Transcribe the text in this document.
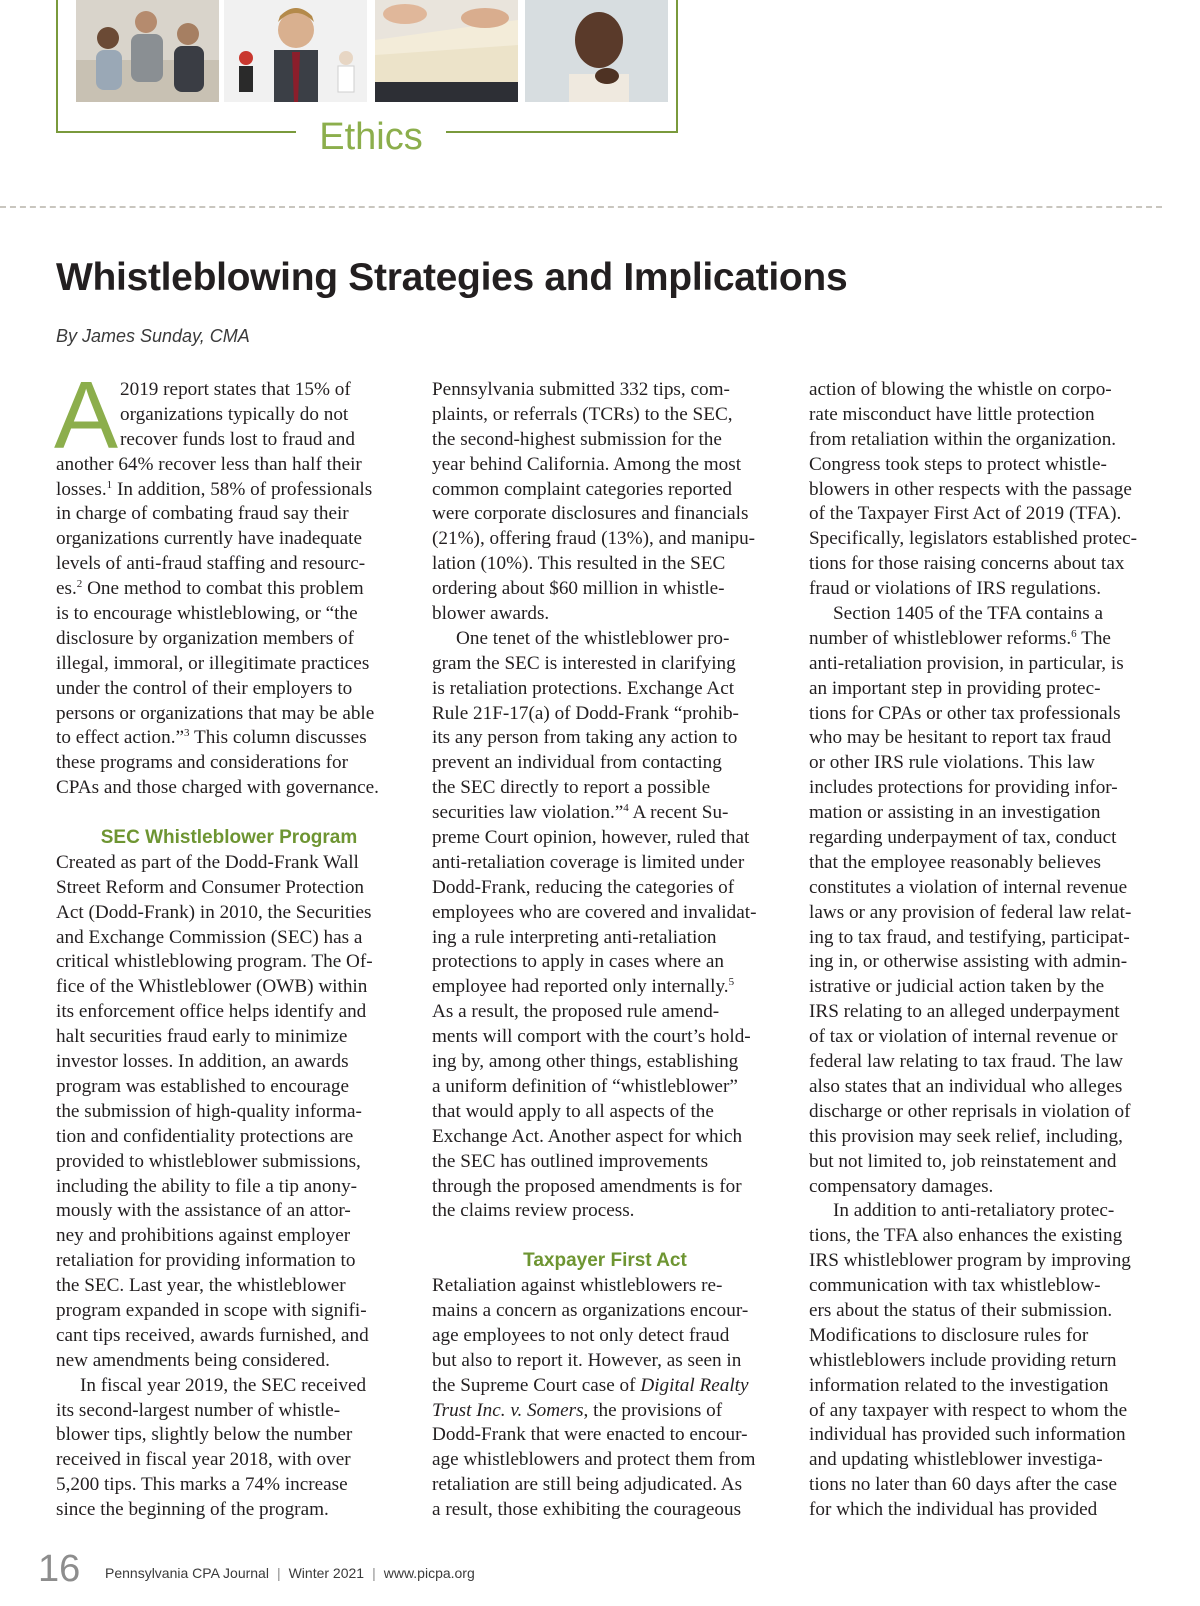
Ethics
Whistleblowing Strategies and Implications
By James Sunday, CMA
A 2019 report states that 15% of
organizations typically do not
recover funds lost to fraud and
another 64% recover less than half their
losses.$^1$ In addition, 58% of professionals
in charge of combating fraud say their
organizations currently have inadequate
levels of anti-fraud staffing and resourc-
es.$^2$ One method to combat this problem
is to encourage whistleblowing, or “the
disclosure by organization members of
illegal, immoral, or illegitimate practices
under the control of their employers to
persons or organizations that may be able
to effect action.”$^3$ This column discusses
these programs and considerations for
CPAs and those charged with governance.
SEC Whistleblower Program
Created as part of the Dodd-Frank Wall
Street Reform and Consumer Protection
Act (Dodd-Frank) in 2010, the Securities
and Exchange Commission (SEC) has a
critical whistleblowing program. The Of-
fice of the Whistleblower (OWB) within
its enforcement office helps identify and
halt securities fraud early to minimize
investor losses. In addition, an awards
program was established to encourage
the submission of high-quality informa-
tion and confidentiality protections are
provided to whistleblower submissions,
including the ability to file a tip anony-
mously with the assistance of an attor-
ney and prohibitions against employer
retaliation for providing information to
the SEC. Last year, the whistleblower
program expanded in scope with signifi-
cant tips received, awards furnished, and
new amendments being considered.
In fiscal year 2019, the SEC received
its second-largest number of whistle-
blower tips, slightly below the number
received in fiscal year 2018, with over
5,200 tips. This marks a 74% increase
since the beginning of the program.
Pennsylvania submitted 332 tips, com-
plaints, or referrals (TCRs) to the SEC,
the second-highest submission for the
year behind California. Among the most
common complaint categories reported
were corporate disclosures and financials
(21%), offering fraud (13%), and manipu-
lation (10%). This resulted in the SEC
ordering about $60 million in whistle-
blower awards.
One tenet of the whistleblower pro-
gram the SEC is interested in clarifying
is retaliation protections. Exchange Act
Rule 21F-17(a) of Dodd-Frank “prohib-
its any person from taking any action to
prevent an individual from contacting
the SEC directly to report a possible
securities law violation.”$^4$ A recent Su-
preme Court opinion, however, ruled that
anti-retaliation coverage is limited under
Dodd-Frank, reducing the categories of
employees who are covered and invalidat-
ing a rule interpreting anti-retaliation
protections to apply in cases where an
employee had reported only internally.$^5$
As a result, the proposed rule amend-
ments will comport with the court’s hold-
ing by, among other things, establishing
a uniform definition of “whistleblower”
that would apply to all aspects of the
Exchange Act. Another aspect for which
the SEC has outlined improvements
through the proposed amendments is for
the claims review process.
Taxpayer First Act
Retaliation against whistleblowers re-
mains a concern as organizations encour-
age employees to not only detect fraud
but also to report it. However, as seen in
the Supreme Court case of Digital Realty
Trust Inc. v. Somers, the provisions of
Dodd-Frank that were enacted to encour-
age whistleblowers and protect them from
retaliation are still being adjudicated. As
a result, those exhibiting the courageous
action of blowing the whistle on corpo-
rate misconduct have little protection
from retaliation within the organization.
Congress took steps to protect whistle-
blowers in other respects with the passage
of the Taxpayer First Act of 2019 (TFA).
Specifically, legislators established protec-
tions for those raising concerns about tax
fraud or violations of IRS regulations.
Section 1405 of the TFA contains a
number of whistleblower reforms.$^6$ The
anti-retaliation provision, in particular, is
an important step in providing protec-
tions for CPAs or other tax professionals
who may be hesitant to report tax fraud
or other IRS rule violations. This law
includes protections for providing infor-
mation or assisting in an investigation
regarding underpayment of tax, conduct
that the employee reasonably believes
constitutes a violation of internal revenue
laws or any provision of federal law relat-
ing to tax fraud, and testifying, participat-
ing in, or otherwise assisting with admin-
istrative or judicial action taken by the
IRS relating to an alleged underpayment
of tax or violation of internal revenue or
federal law relating to tax fraud. The law
also states that an individual who alleges
discharge or other reprisals in violation of
this provision may seek relief, including,
but not limited to, job reinstatement and
compensatory damages.
In addition to anti-retaliatory protec-
tions, the TFA also enhances the existing
IRS whistleblower program by improving
communication with tax whistleblow-
ers about the status of their submission.
Modifications to disclosure rules for
whistleblowers include providing return
information related to the investigation
of any taxpayer with respect to whom the
individual has provided such information
and updating whistleblower investiga-
tions no later than 60 days after the case
for which the individual has provided
16 Pennsylvania CPA Journal | Winter 2021 | www.picpa.org
